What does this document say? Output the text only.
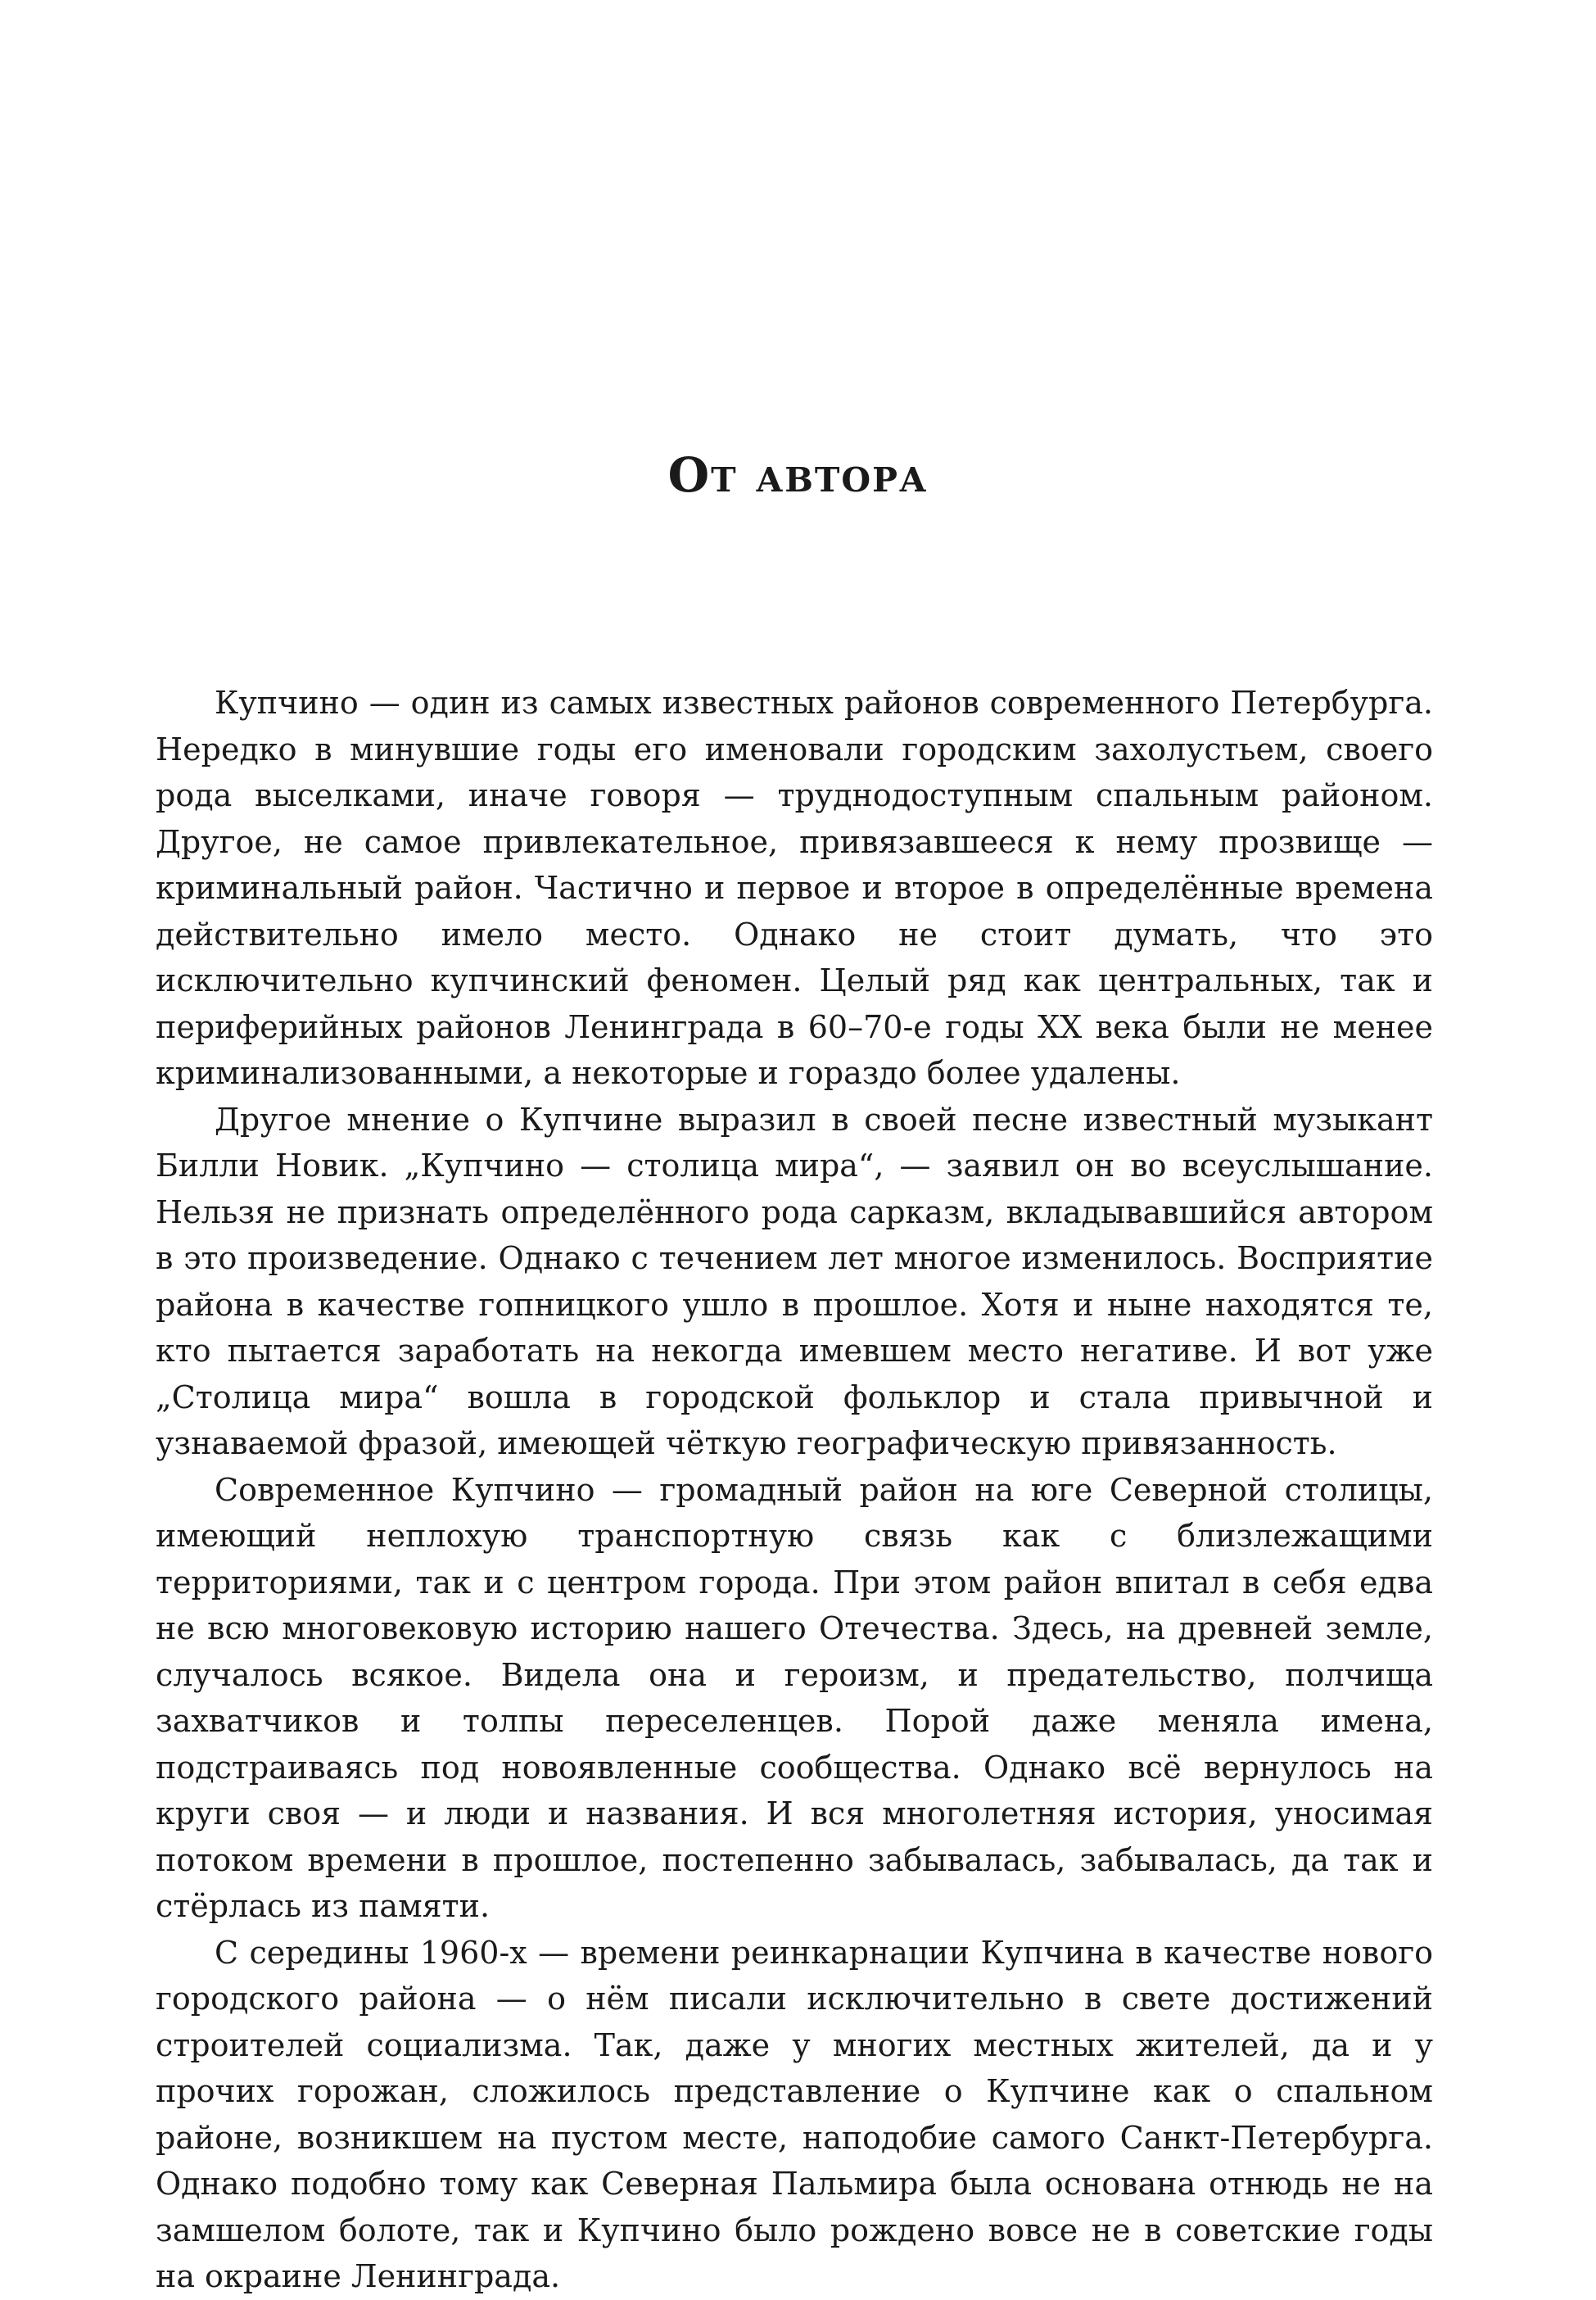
От автора

Купчино — один из самых известных районов современного Петербурга. Нередко в минувшие годы его именовали городским захолустьем, своего рода выселками, иначе говоря — труднодоступным спальным районом. Другое, не самое привлекательное, привязавшееся к нему прозвище — криминальный район. Частично и первое и второе в определённые времена действительно имело место. Однако не стоит думать, что это исключительно купчинский феномен. Целый ряд как центральных, так и периферийных районов Ленинграда в 60–70-е годы XX века были не менее криминализованными, а некоторые и гораздо более удалены.

Другое мнение о Купчине выразил в своей песне известный музыкант Билли Новик. „Купчино — столица мира“, — заявил он во всеуслышание. Нельзя не признать определённого рода сарказм, вкладывавшийся автором в это произведение. Однако с течением лет многое изменилось. Восприятие района в качестве гопницкого ушло в прошлое. Хотя и ныне находятся те, кто пытается заработать на некогда имевшем место негативе. И вот уже „Столица мира“ вошла в городской фольклор и стала привычной и узнаваемой фразой, имеющей чёткую географическую привязанность.

Современное Купчино — громадный район на юге Северной столицы, имеющий неплохую транспортную связь как с близлежащими территориями, так и с центром города. При этом район впитал в себя едва не всю многовековую историю нашего Отечества. Здесь, на древней земле, случалось всякое. Видела она и героизм, и предательство, полчища захватчиков и толпы переселенцев. Порой даже меняла имена, подстраиваясь под новоявленные сообщества. Однако всё вернулось на круги своя — и люди и названия. И вся многолетняя история, уносимая потоком времени в прошлое, постепенно забывалась, забывалась, да так и стёрлась из памяти.

С середины 1960-х — времени реинкарнации Купчина в качестве нового городского района — о нём писали исключительно в свете достижений строителей социализма. Так, даже у многих местных жителей, да и у прочих горожан, сложилось представление о Купчине как о спальном районе, возникшем на пустом месте, наподобие самого Санкт-Петербурга. Однако подобно тому как Северная Пальмира была основана отнюдь не на замшелом болоте, так и Купчино было рождено вовсе не в советские годы на окраине Ленинграда.
